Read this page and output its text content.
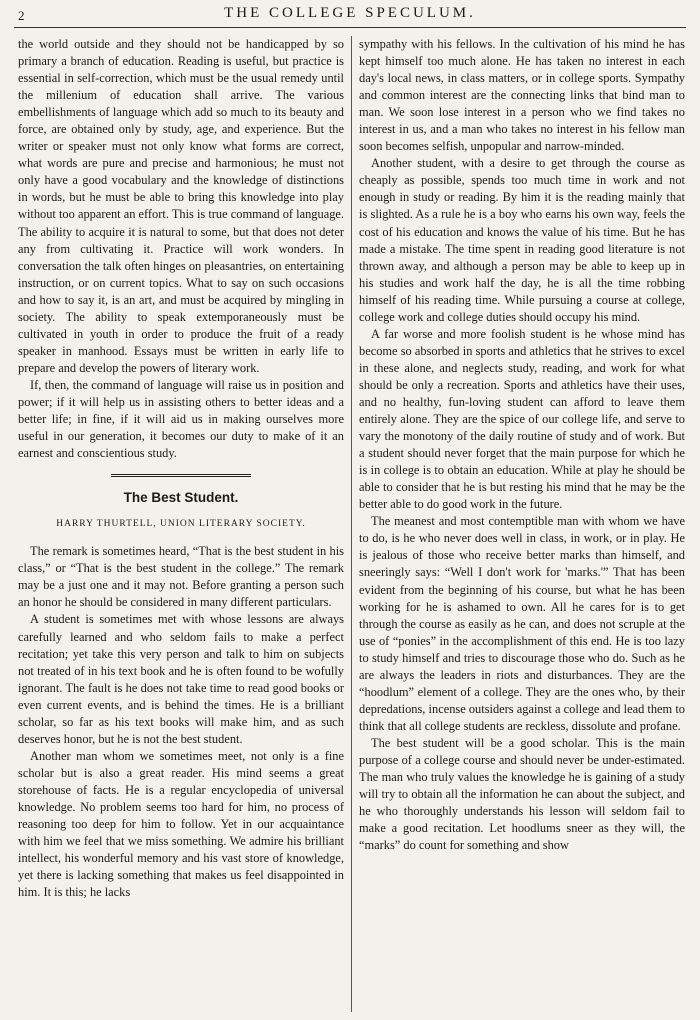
2	THE COLLEGE SPECULUM.

the world outside and they should not be handicapped by so primary a branch of education. Reading is useful, but practice is essential in self-correction, which must be the usual remedy until the millenium of education shall arrive. The various embellishments of language which add so much to its beauty and force, are obtained only by study, age, and experience. But the writer or speaker must not only know what forms are correct, what words are pure and precise and harmonious; he must not only have a good vocabulary and the knowledge of distinctions in words, but he must be able to bring this knowledge into play without too apparent an effort. This is true command of language. The ability to acquire it is natural to some, but that does not deter any from cultivating it. Practice will work wonders. In conversation the talk often hinges on pleasantries, on entertaining instruction, or on current topics. What to say on such occasions and how to say it, is an art, and must be acquired by mingling in society. The ability to speak extemporaneously must be cultivated in youth in order to produce the fruit of a ready speaker in manhood. Essays must be written in early life to prepare and develop the powers of literary work.

If, then, the command of language will raise us in position and power; if it will help us in assisting others to better ideas and a better life; in fine, if it will aid us in making ourselves more useful in our generation, it becomes our duty to make of it an earnest and conscientious study.

The Best Student.
HARRY THURTELL, UNION LITERARY SOCIETY.

The remark is sometimes heard, “That is the best student in his class,” or “That is the best student in the college.” The remark may be a just one and it may not. Before granting a person such an honor he should be considered in many different particulars.

A student is sometimes met with whose lessons are always carefully learned and who seldom fails to make a perfect recitation; yet take this very person and talk to him on subjects not treated of in his text book and he is often found to be wofully ignorant. The fault is he does not take time to read good books or even current events, and is behind the times. He is a brilliant scholar, so far as his text books will make him, and as such deserves honor, but he is not the best student.

Another man whom we sometimes meet, not only is a fine scholar but is also a great reader. His mind seems a great storehouse of facts. He is a regular encyclopedia of universal knowledge. No problem seems too hard for him, no process of reasoning too deep for him to follow. Yet in our acquaintance with him we feel that we miss something. We admire his brilliant intellect, his wonderful memory and his vast store of knowledge, yet there is lacking something that makes us feel disappointed in him. It is this; he lacks

sympathy with his fellows. In the cultivation of his mind he has kept himself too much alone. He has taken no interest in each day's local news, in class matters, or in college sports. Sympathy and common interest are the connecting links that bind man to man. We soon lose interest in a person who we find takes no interest in us, and a man who takes no interest in his fellow man soon becomes selfish, unpopular and narrow-minded.

Another student, with a desire to get through the course as cheaply as possible, spends too much time in work and not enough in study or reading. By him it is the reading mainly that is slighted. As a rule he is a boy who earns his own way, feels the cost of his education and knows the value of his time. But he has made a mistake. The time spent in reading good literature is not thrown away, and although a person may be able to keep up in his studies and work half the day, he is all the time robbing himself of his reading time. While pursuing a course at college, college work and college duties should occupy his mind.

A far worse and more foolish student is he whose mind has become so absorbed in sports and athletics that he strives to excel in these alone, and neglects study, reading, and work for what should be only a recreation. Sports and athletics have their uses, and no healthy, fun-loving student can afford to leave them entirely alone. They are the spice of our college life, and serve to vary the monotony of the daily routine of study and of work. But a student should never forget that the main purpose for which he is in college is to obtain an education. While at play he should be able to consider that he is but resting his mind that he may be the better able to do good work in the future.

The meanest and most contemptible man with whom we have to do, is he who never does well in class, in work, or in play. He is jealous of those who receive better marks than himself, and sneeringly says: “Well I don't work for 'marks.'” That has been evident from the beginning of his course, but what he has been working for he is ashamed to own. All he cares for is to get through the course as easily as he can, and does not scruple at the use of “ponies” in the accomplishment of this end. He is too lazy to study himself and tries to discourage those who do. Such as he are always the leaders in riots and disturbances. They are the “hoodlum” element of a college. They are the ones who, by their depredations, incense outsiders against a college and lead them to think that all college students are reckless, dissolute and profane.

The best student will be a good scholar. This is the main purpose of a college course and should never be under-estimated. The man who truly values the knowledge he is gaining of a study will try to obtain all the information he can about the subject, and he who thoroughly understands his lesson will seldom fail to make a good recitation. Let hoodlums sneer as they will, the “marks” do count for something and show
